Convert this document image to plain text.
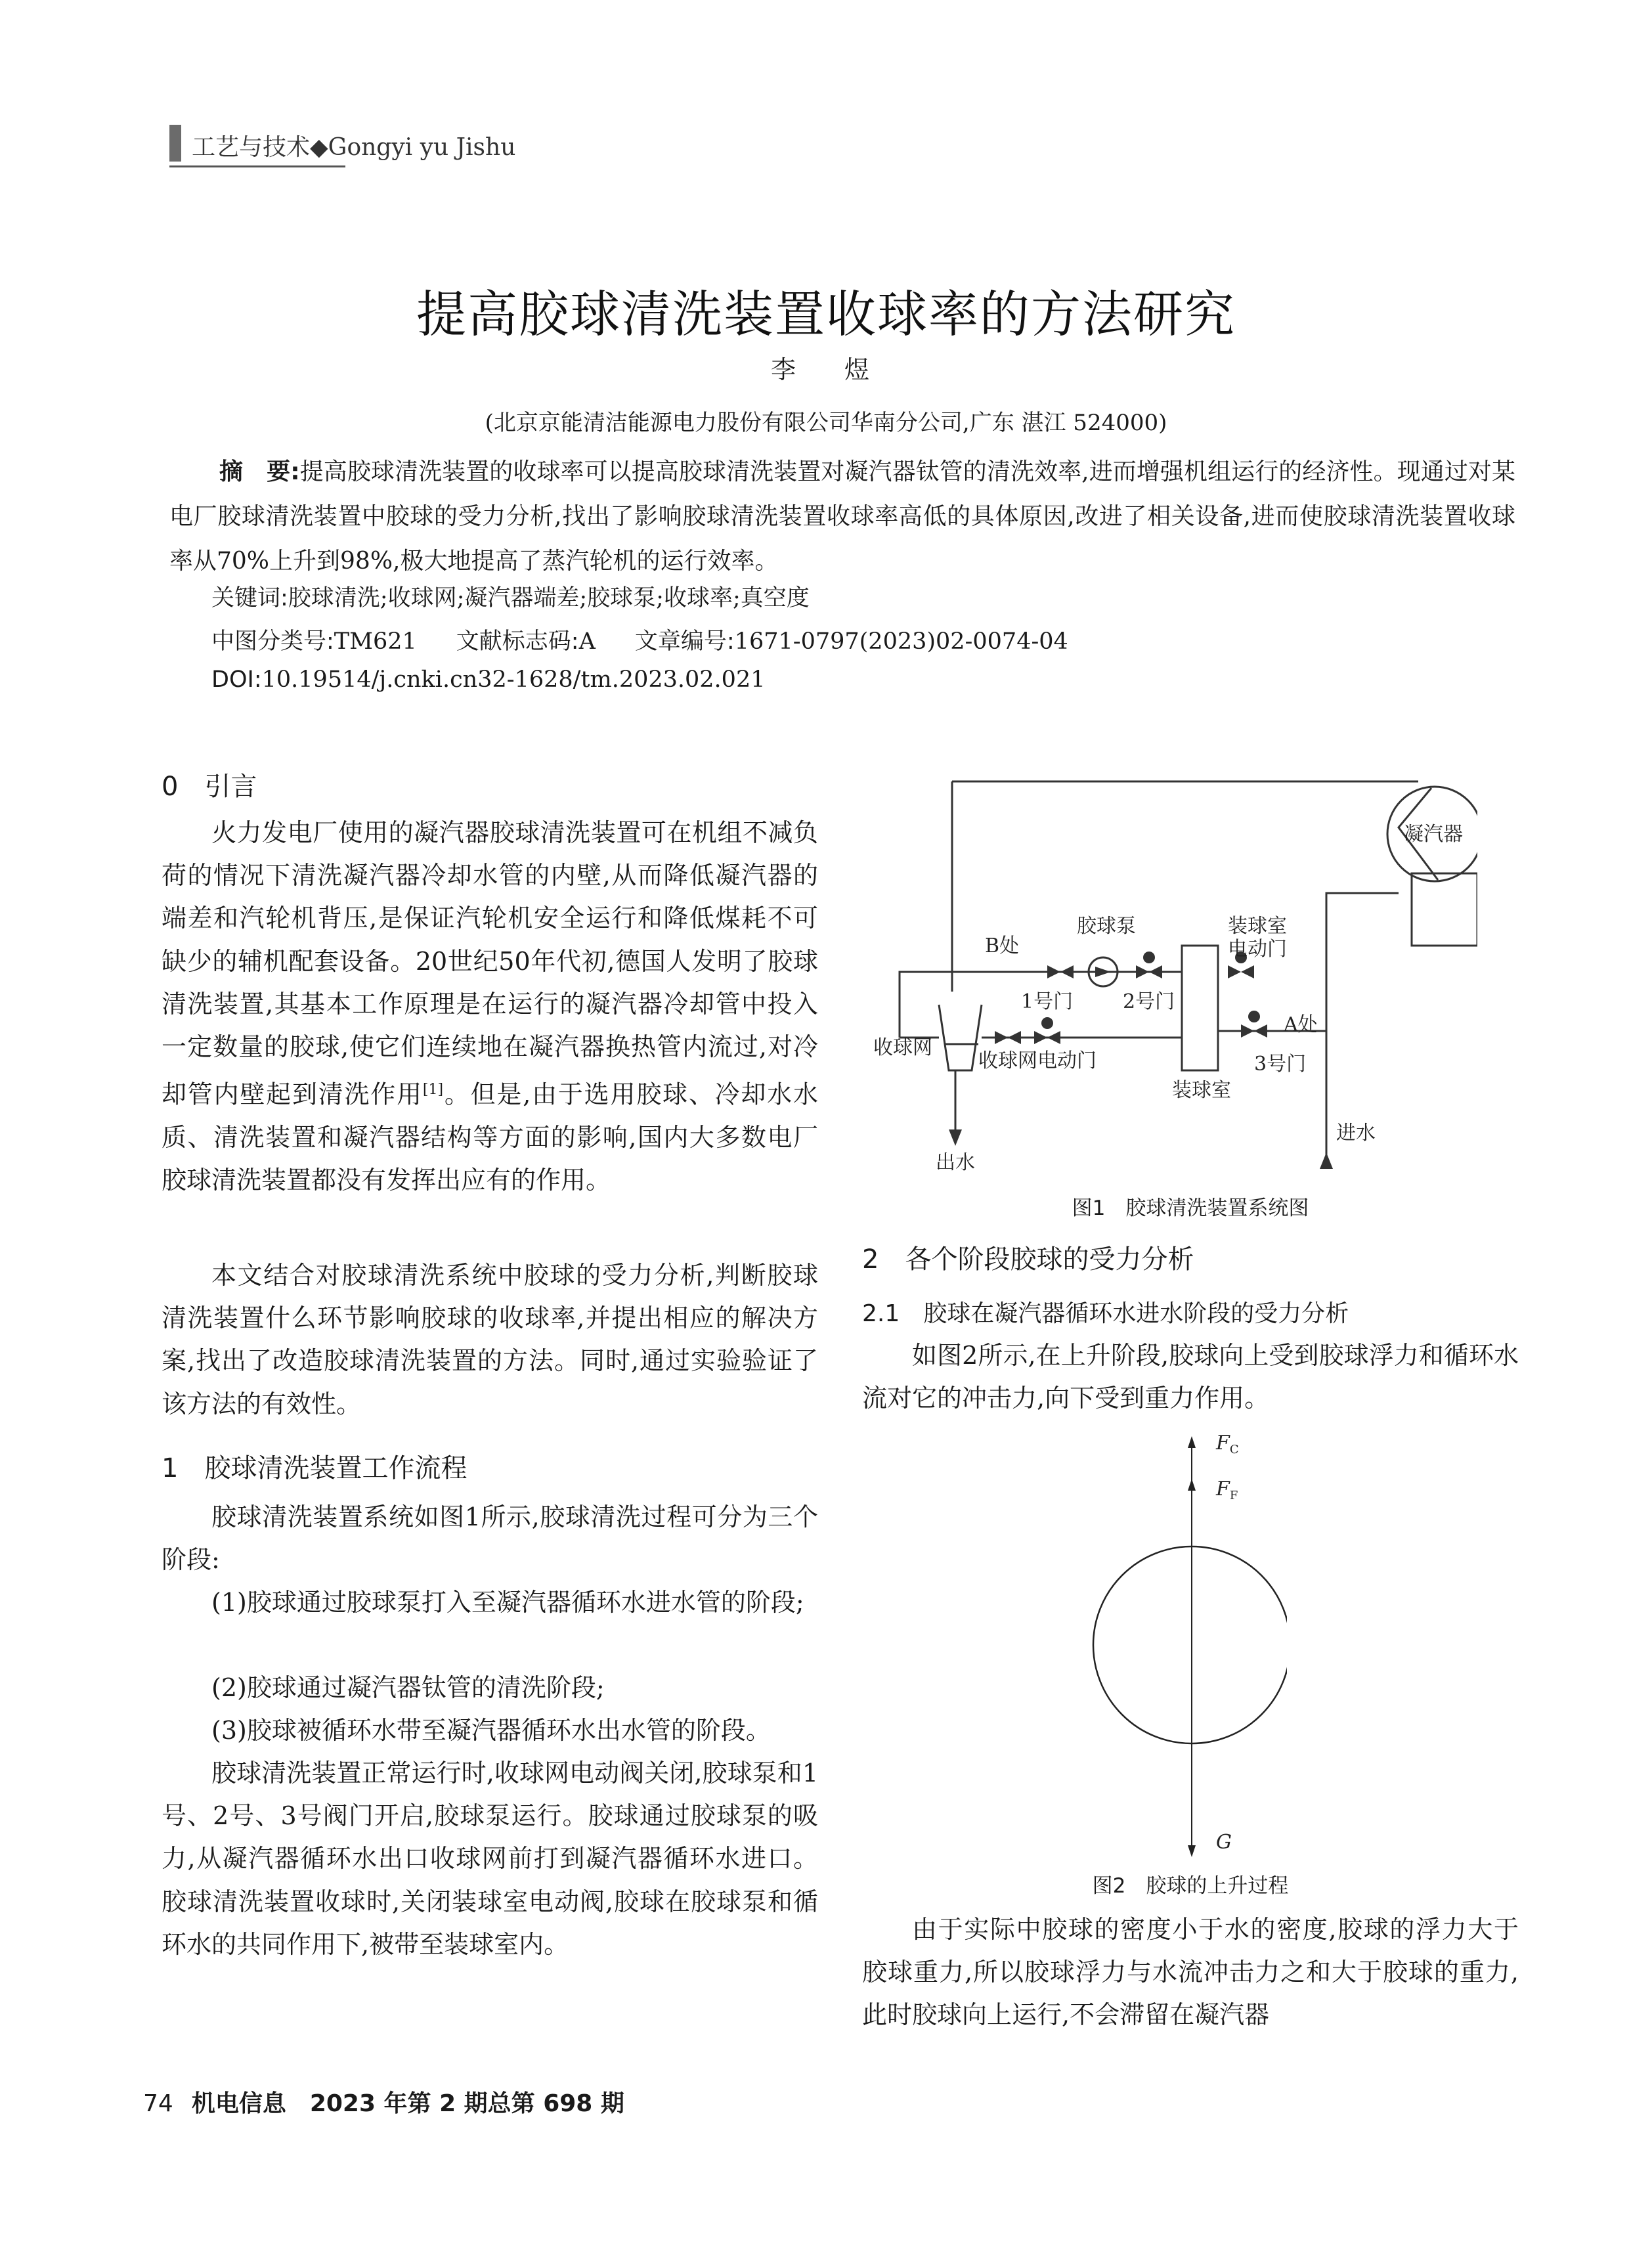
工艺与技术◆Gongyi yu Jishu
提高胶球清洗装置收球率的方法研究
李　煜
(北京京能清洁能源电力股份有限公司华南分公司,广东 湛江 524000)
摘　要:提高胶球清洗装置的收球率可以提高胶球清洗装置对凝汽器钛管的清洗效率,进而增强机组运行的经济性。现通过对某电厂胶球清洗装置中胶球的受力分析,找出了影响胶球清洗装置收球率高低的具体原因,改进了相关设备,进而使胶球清洗装置收球率从70%上升到98%,极大地提高了蒸汽轮机的运行效率。
关键词:胶球清洗;收球网;凝汽器端差;胶球泵;收球率;真空度
中图分类号:TM621 文献标志码:A 文章编号:1671-0797(2023)02-0074-04
DOI:10.19514/j.cnki.cn32-1628/tm.2023.02.021
0　引言
火力发电厂使用的凝汽器胶球清洗装置可在机组不减负荷的情况下清洗凝汽器冷却水管的内壁,从而降低凝汽器的端差和汽轮机背压,是保证汽轮机安全运行和降低煤耗不可缺少的辅机配套设备。20世纪50年代初,德国人发明了胶球清洗装置,其基本工作原理是在运行的凝汽器冷却管中投入一定数量的胶球,使它们连续地在凝汽器换热管内流过,对冷却管内壁起到清洗作用[1]。但是,由于选用胶球、冷却水水质、清洗装置和凝汽器结构等方面的影响,国内大多数电厂胶球清洗装置都没有发挥出应有的作用。
本文结合对胶球清洗系统中胶球的受力分析,判断胶球清洗装置什么环节影响胶球的收球率,并提出相应的解决方案,找出了改造胶球清洗装置的方法。同时,通过实验验证了该方法的有效性。
1　胶球清洗装置工作流程
胶球清洗装置系统如图1所示,胶球清洗过程可分为三个阶段:
(1)胶球通过胶球泵打入至凝汽器循环水进水管的阶段;
(2)胶球通过凝汽器钛管的清洗阶段;
(3)胶球被循环水带至凝汽器循环水出水管的阶段。
胶球清洗装置正常运行时,收球网电动阀关闭,胶球泵和1号、2号、3号阀门开启,胶球泵运行。胶球通过胶球泵的吸力,从凝汽器循环水出口收球网前打到凝汽器循环水进口。胶球清洗装置收球时,关闭装球室电动阀,胶球在胶球泵和循环水的共同作用下,被带至装球室内。
凝汽器
胶球泵
B处
装球室
电动门
1号门	2号门
3号门
A处
收球网
收球网电动门
装球室
进水
出水
图1　胶球清洗装置系统图
2　各个阶段胶球的受力分析
2.1　胶球在凝汽器循环水进水阶段的受力分析
如图2所示,在上升阶段,胶球向上受到胶球浮力和循环水流对它的冲击力,向下受到重力作用。
$F_C$
$F_F$
G
图2　胶球的上升过程
由于实际中胶球的密度小于水的密度,胶球的浮力大于胶球重力,所以胶球浮力与水流冲击力之和大于胶球的重力,此时胶球向上运行,不会滞留在凝汽器
74 机电信息　2023 年第 2 期总第 698 期
